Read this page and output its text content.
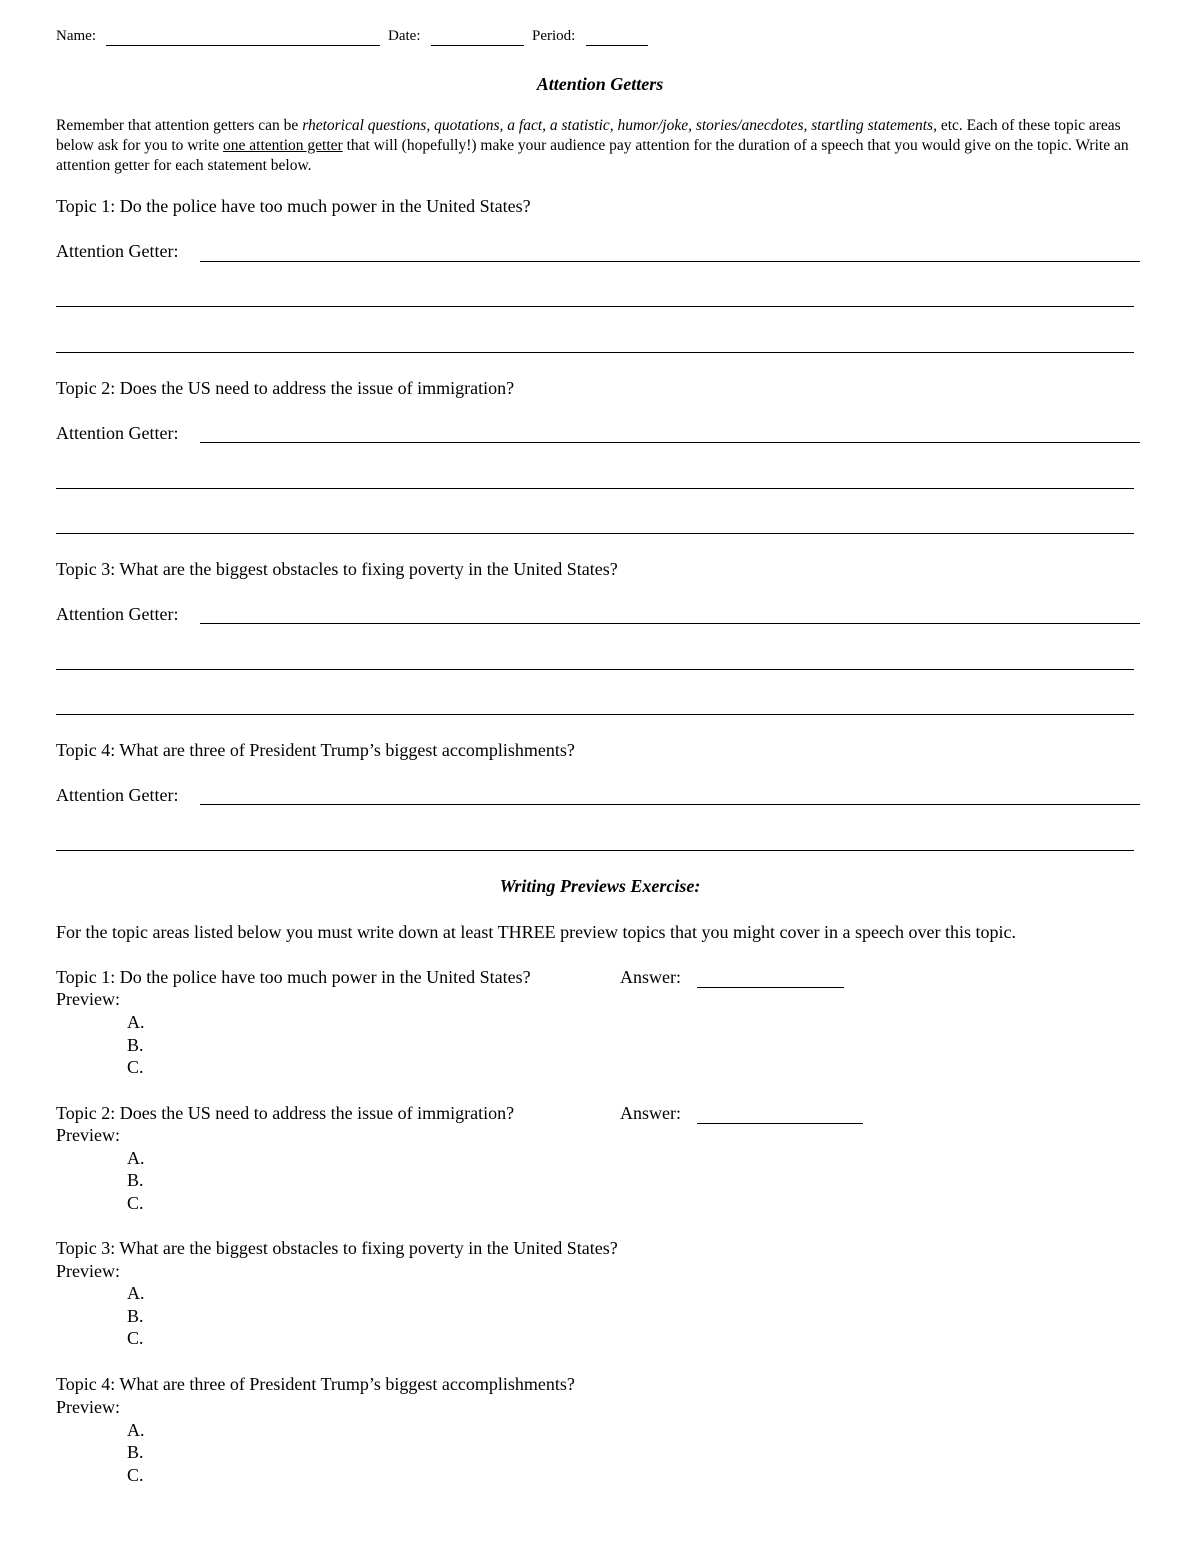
Name:	Date:	Period:
Attention Getters
Remember that attention getters can be rhetorical questions, quotations, a fact, a statistic, humor/joke, stories/anecdotes, startling statements, etc. Each of these topic areas below ask for you to write one attention getter that will (hopefully!) make your audience pay attention for the duration of a speech that you would give on the topic. Write an attention getter for each statement below.
Topic 1: Do the police have too much power in the United States?
Attention Getter:
Topic 2: Does the US need to address the issue of immigration?
Attention Getter:
Topic 3: What are the biggest obstacles to fixing poverty in the United States?
Attention Getter:
Topic 4: What are three of President Trump’s biggest accomplishments?
Attention Getter:
Writing Previews Exercise:
For the topic areas listed below you must write down at least THREE preview topics that you might cover in a speech over this topic.
Topic 1: Do the police have too much power in the United States?	Answer:
Preview:
A.
B.
C.
Topic 2: Does the US need to address the issue of immigration?	Answer:
Preview:
A.
B.
C.
Topic 3: What are the biggest obstacles to fixing poverty in the United States?
Preview:
A.
B.
C.
Topic 4: What are three of President Trump’s biggest accomplishments?
Preview:
A.
B.
C.
